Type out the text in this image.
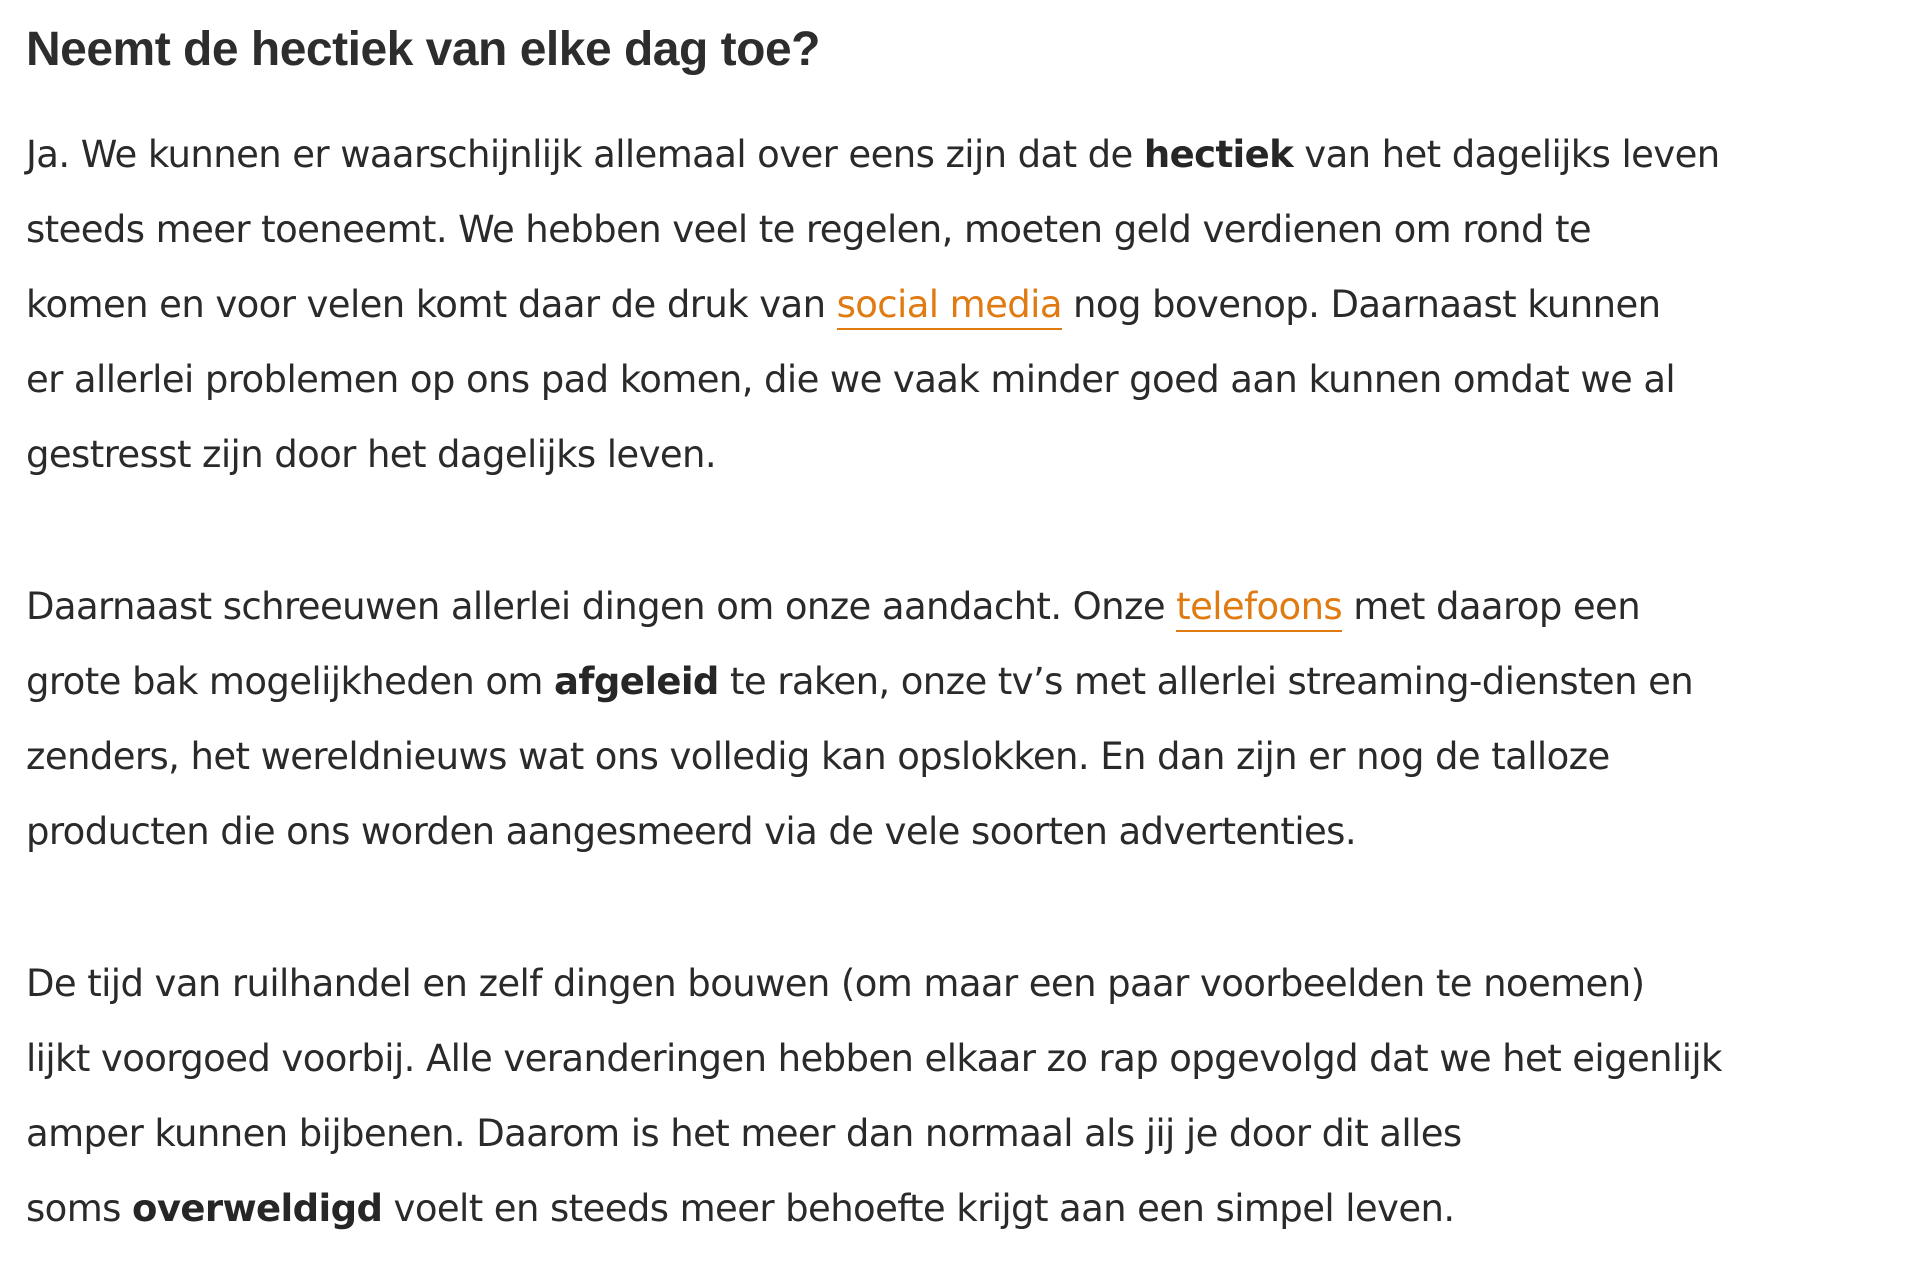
Neemt de hectiek van elke dag toe?

Ja. We kunnen er waarschijnlijk allemaal over eens zijn dat de hectiek van het dagelijks leven
steeds meer toeneemt. We hebben veel te regelen, moeten geld verdienen om rond te
komen en voor velen komt daar de druk van social media nog bovenop. Daarnaast kunnen
er allerlei problemen op ons pad komen, die we vaak minder goed aan kunnen omdat we al
gestresst zijn door het dagelijks leven.

Daarnaast schreeuwen allerlei dingen om onze aandacht. Onze telefoons met daarop een
grote bak mogelijkheden om afgeleid te raken, onze tv’s met allerlei streaming-diensten en
zenders, het wereldnieuws wat ons volledig kan opslokken. En dan zijn er nog de talloze
producten die ons worden aangesmeerd via de vele soorten advertenties.

De tijd van ruilhandel en zelf dingen bouwen (om maar een paar voorbeelden te noemen)
lijkt voorgoed voorbij. Alle veranderingen hebben elkaar zo rap opgevolgd dat we het eigenlijk
amper kunnen bijbenen. Daarom is het meer dan normaal als jij je door dit alles
soms overweldigd voelt en steeds meer behoefte krijgt aan een simpel leven.
